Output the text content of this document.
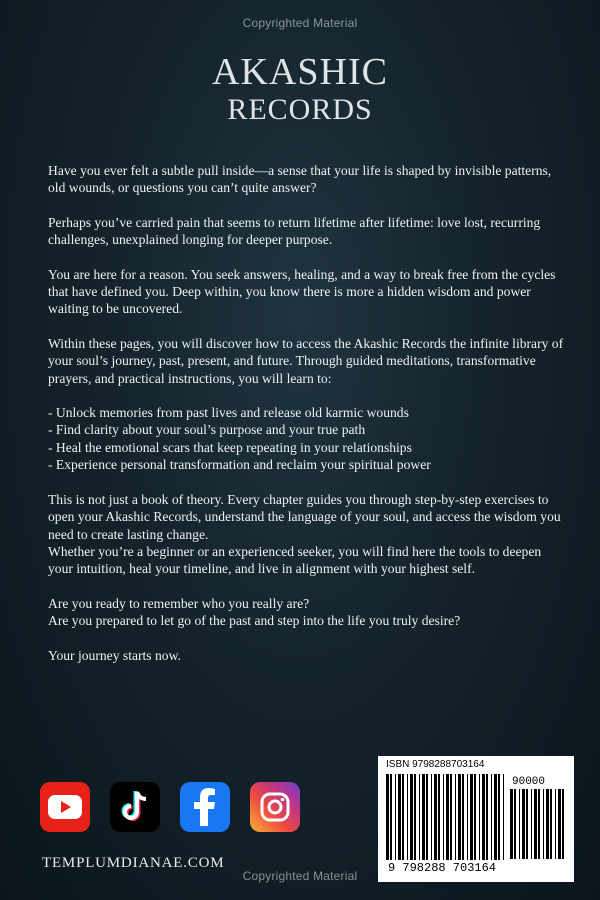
Copyrighted Material
AKASHIC
RECORDS

Have you ever felt a subtle pull inside—a sense that your life is shaped by invisible patterns, old wounds, or questions you can’t quite answer?

Perhaps you’ve carried pain that seems to return lifetime after lifetime: love lost, recurring challenges, unexplained longing for deeper purpose.

You are here for a reason. You seek answers, healing, and a way to break free from the cycles that have defined you. Deep within, you know there is more a hidden wisdom and power waiting to be uncovered.

Within these pages, you will discover how to access the Akashic Records the infinite library of your soul’s journey, past, present, and future. Through guided meditations, transformative prayers, and practical instructions, you will learn to:

- Unlock memories from past lives and release old karmic wounds
- Find clarity about your soul’s purpose and your true path
- Heal the emotional scars that keep repeating in your relationships
- Experience personal transformation and reclaim your spiritual power

This is not just a book of theory. Every chapter guides you through step-by-step exercises to open your Akashic Records, understand the language of your soul, and access the wisdom you need to create lasting change.

Whether you’re a beginner or an experienced seeker, you will find here the tools to deepen your intuition, heal your timeline, and live in alignment with your highest self.

Are you ready to remember who you really are?

Are you prepared to let go of the past and step into the life you truly desire?

Your journey starts now.

TEMPLUMDIANAE.COM
ISBN 9798288703164
90000
9 798288 703164
Copyrighted Material
